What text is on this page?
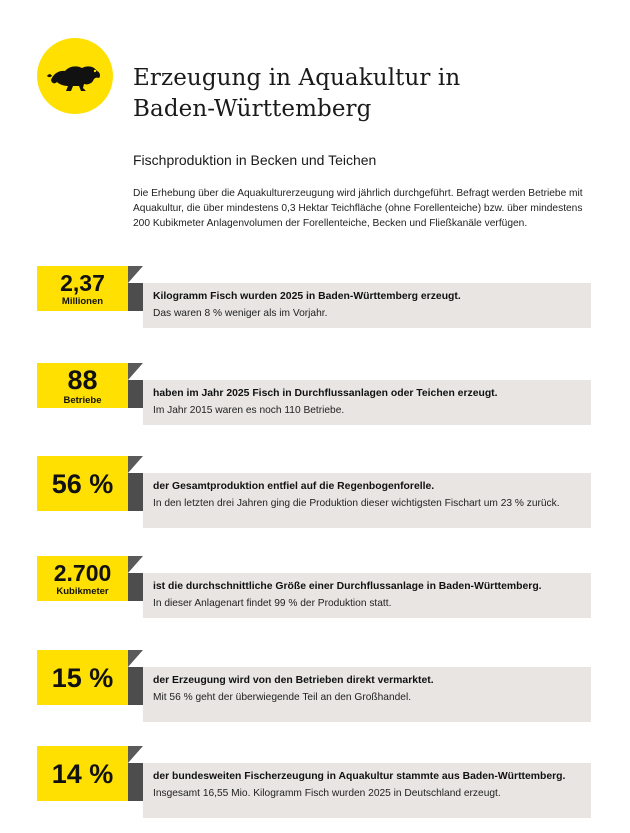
Erzeugung in Aquakultur in
Baden-Württemberg
Fischproduktion in Becken und Teichen

Die Erhebung über die Aquakulturerzeugung wird jährlich durchgeführt. Befragt werden Betriebe mit Aquakultur, die über mindestens 0,3 Hektar Teichfläche (ohne Forellenteiche) bzw. über mindestens 200 Kubikmeter Anlagenvolumen der Forellenteiche, Becken und Fließkanäle verfügen.

2,37
Millionen	Kilogramm Fisch wurden 2025 in Baden-Württemberg erzeugt.
Das waren 8 % weniger als im Vorjahr.
88
Betriebe
haben im Jahr 2025 Fisch in Durchflussanlagen oder Teichen erzeugt.
Im Jahr 2015 waren es noch 110 Betriebe.
56 %	der Gesamtproduktion entfiel auf die Regenbogenforelle.
In den letzten drei Jahren ging die Produktion dieser wichtigsten Fischart um 23 % zurück.
2.700
Kubikmeter	ist die durchschnittliche Größe einer Durchflussanlage in Baden-Württemberg.
In dieser Anlagenart findet 99 % der Produktion statt.
15 %	der Erzeugung wird von den Betrieben direkt vermarktet.
Mit 56 % geht der überwiegende Teil an den Großhandel.
14 %	der bundesweiten Fischerzeugung in Aquakultur stammte aus Baden-Württemberg.
Insgesamt 16,55 Mio. Kilogramm Fisch wurden 2025 in Deutschland erzeugt.
